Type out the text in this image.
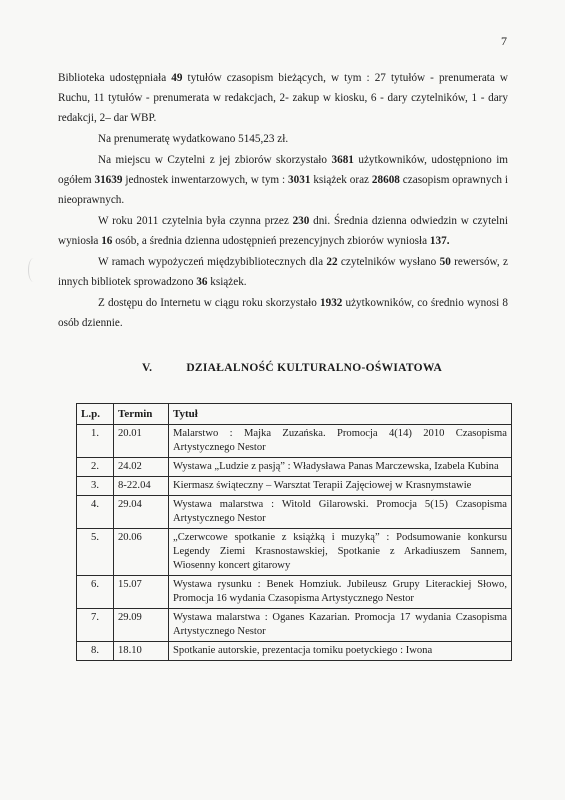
7

Biblioteka udostępniała 49 tytułów czasopism bieżących, w tym : 27 tytułów - prenumerata w Ruchu, 11 tytułów - prenumerata w redakcjach, 2- zakup w kiosku, 6 - dary czytelników, 1 - dary redakcji, 2– dar WBP.

Na prenumeratę wydatkowano 5145,23 zł.

Na miejscu w Czytelni z jej zbiorów skorzystało 3681 użytkowników, udostępniono im ogółem 31639 jednostek inwentarzowych, w tym : 3031 książek oraz 28608 czasopism oprawnych i nieoprawnych.

W roku 2011 czytelnia była czynna przez 230 dni. Średnia dzienna odwiedzin w czytelni wyniosła 16 osób, a średnia dzienna udostępnień prezencyjnych zbiorów wyniosła 137.

W ramach wypożyczeń międzybibliotecznych dla 22 czytelników wysłano 50 rewersów, z innych bibliotek sprowadzono 36 książek.

Z dostępu do Internetu w ciągu roku skorzystało 1932 użytkowników, co średnio wynosi 8 osób dziennie.

V.	DZIAŁALNOŚĆ KULTURALNO-OŚWIATOWA
L.p.	Termin	Tytuł
1.	20.01	Malarstwo : Majka Zuzańska. Promocja 4(14) 2010 Czasopisma Artystycznego Nestor
2.	24.02	Wystawa „Ludzie z pasją” : Władysława Panas Marczewska, Izabela Kubina
3.	8-22.04	Kiermasz świąteczny – Warsztat Terapii Zajęciowej w Krasnymstawie
4.	29.04	Wystawa malarstwa : Witold Gilarowski. Promocja 5(15) Czasopisma Artystycznego Nestor
5.	20.06	„Czerwcowe spotkanie z książką i muzyką” : Podsumowanie konkursu Legendy Ziemi Krasnostawskiej, Spotkanie z Arkadiuszem Sannem, Wiosenny koncert gitarowy
6.	15.07	Wystawa rysunku : Benek Homziuk. Jubileusz Grupy Literackiej Słowo, Promocja 16 wydania Czasopisma Artystycznego Nestor
7.	29.09	Wystawa malarstwa : Oganes Kazarian. Promocja 17 wydania Czasopisma Artystycznego Nestor
8.	18.10	Spotkanie autorskie, prezentacja tomiku poetyckiego : Iwona
